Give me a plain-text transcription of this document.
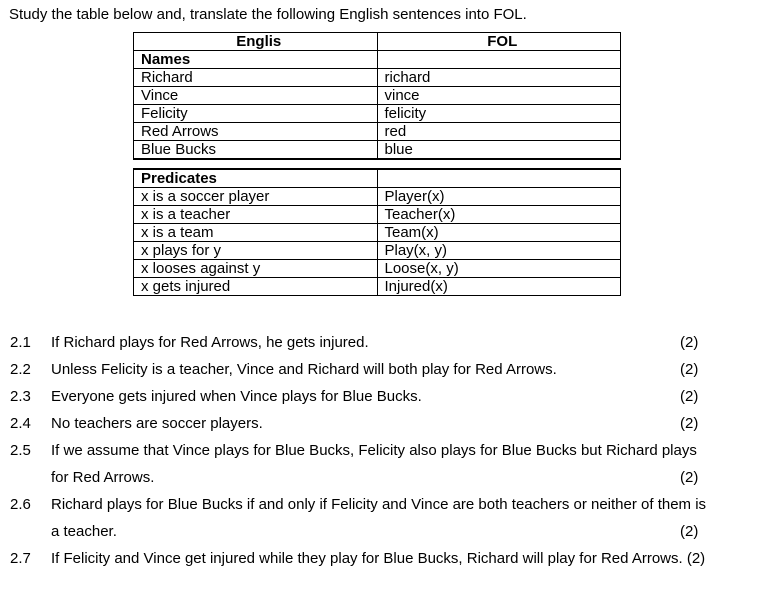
Study the table below and, translate the following English sentences into FOL.
Englis	FOL
Names	
Richard	richard
Vince	vince
Felicity	felicity
Red Arrows	red
Blue Bucks	blue

Predicates	
x is a soccer player	Player(x)
x is a teacher	Teacher(x)
x is a team	Team(x)
x plays for y	Play(x, y)
x looses against y	Loose(x, y)
x gets injured	Injured(x)
2.1 If Richard plays for Red Arrows, he gets injured.	(2)
2.2 Unless Felicity is a teacher, Vince and Richard will both play for Red Arrows.	(2)
2.3 Everyone gets injured when Vince plays for Blue Bucks.	(2)
2.4 No teachers are soccer players.	(2)
2.5 If we assume that Vince plays for Blue Bucks, Felicity also plays for Blue Bucks but Richard plays
for Red Arrows.	(2)
2.6 Richard plays for Blue Bucks if and only if Felicity and Vince are both teachers or neither of them is
a teacher.	(2)
2.7 If Felicity and Vince get injured while they play for Blue Bucks, Richard will play for Red Arrows. (2)
